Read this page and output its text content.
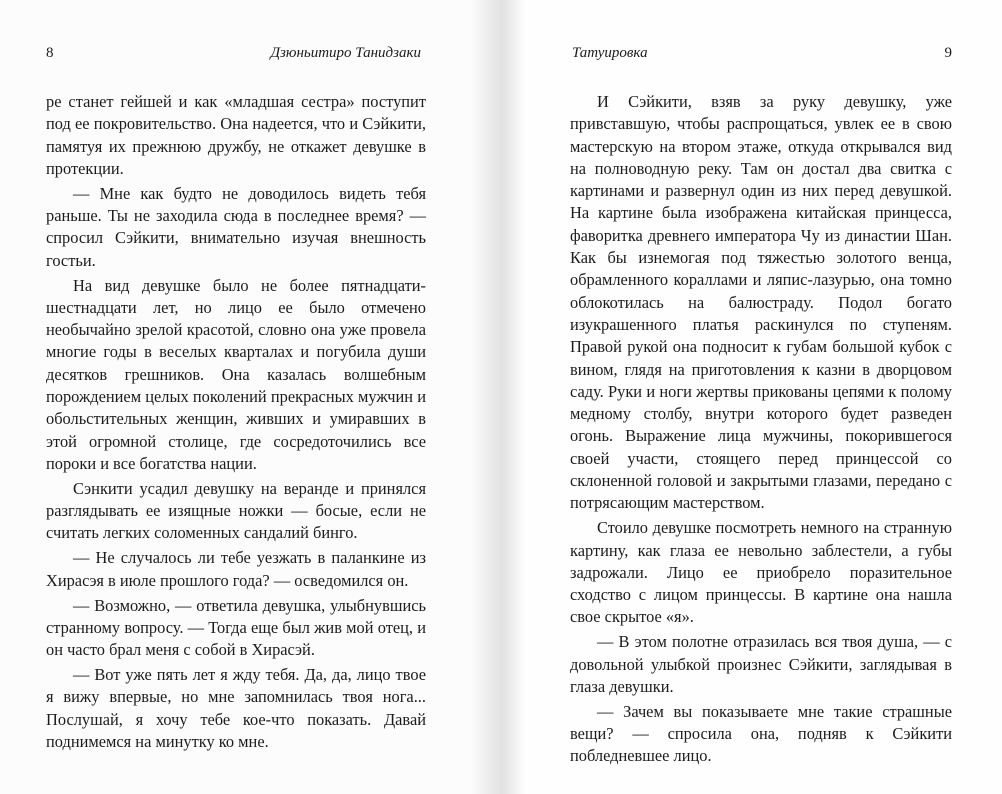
8	Дзюньитиро Танидзаки

ре станет гейшей и как «младшая сестра» поступит под ее покровительство. Она надеется, что и Сэйкити, памятуя их прежнюю дружбу, не откажет девушке в протекции.

— Мне как будто не доводилось видеть тебя раньше. Ты не заходила сюда в последнее время? — спросил Сэйкити, внимательно изучая внешность гостьи.

На вид девушке было не более пятнадцати-шестнадцати лет, но лицо ее было отмечено необычайно зрелой красотой, словно она уже провела многие годы в веселых кварталах и погубила души десятков грешников. Она казалась волшебным порождением целых поколений прекрасных мужчин и обольстительных женщин, живших и умиравших в этой огромной столице, где сосредоточились все пороки и все богатства нации.

Сэнкити усадил девушку на веранде и принялся разглядывать ее изящные ножки — босые, если не считать легких соломенных сандалий бинго.

— Не случалось ли тебе уезжать в паланкине из Хирасэя в июле прошлого года? — осведомился он.

— Возможно, — ответила девушка, улыбнувшись странному вопросу. — Тогда еще был жив мой отец, и он часто брал меня с собой в Хирасэй.

— Вот уже пять лет я жду тебя. Да, да, лицо твое я вижу впервые, но мне запомнилась твоя нога... Послушай, я хочу тебе кое-что показать. Давай поднимемся на минутку ко мне.

Татуировка	9

И Сэйкити, взяв за руку девушку, уже привставшую, чтобы распрощаться, увлек ее в свою мастерскую на втором этаже, откуда открывался вид на полноводную реку. Там он достал два свитка с картинами и развернул один из них перед девушкой. На картине была изображена китайская принцесса, фаворитка древнего императора Чу из династии Шан. Как бы изнемогая под тяжестью золотого венца, обрамленного кораллами и ляпис-лазурью, она томно облокотилась на балюстраду. Подол богато изукрашенного платья раскинулся по ступеням. Правой рукой она подносит к губам большой кубок с вином, глядя на приготовления к казни в дворцовом саду. Руки и ноги жертвы прикованы цепями к полому медному столбу, внутри которого будет разведен огонь. Выражение лица мужчины, покорившегося своей участи, стоящего перед принцессой со склоненной головой и закрытыми глазами, передано с потрясающим мастерством.

Стоило девушке посмотреть немного на странную картину, как глаза ее невольно заблестели, а губы задрожали. Лицо ее приобрело поразительное сходство с лицом принцессы. В картине она нашла свое скрытое «я».

— В этом полотне отразилась вся твоя душа, — с довольной улыбкой произнес Сэйкити, заглядывая в глаза девушки.

— Зачем вы показываете мне такие страшные вещи? — спросила она, подняв к Сэйкити побледневшее лицо.
